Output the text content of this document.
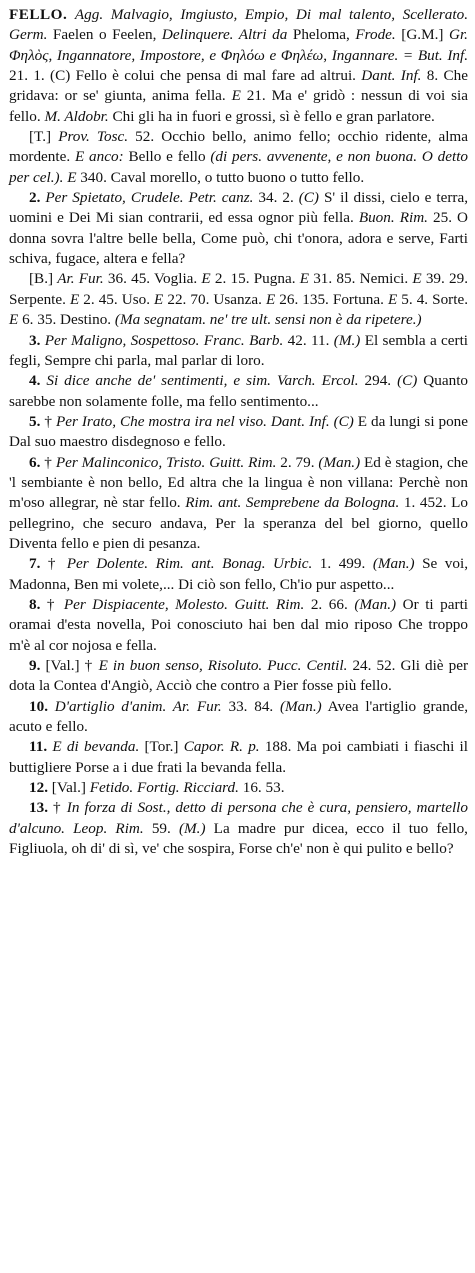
FELLO. Agg. Malvagio, Imgiusto, Empio, Di mal talento, Scellerato. Germ. Faelen o Feelen, Delinquere. Altri da Pheloma, Frode. [G.M.] Gr. Φηλὸς, Ingannatore, Impostore, e Φηλόω e Φηλέω, Ingannare. = But. Inf. 21. 1. (C) Fello è colui che pensa di mal fare ad altrui. Dant. Inf. 8. Che gridava: or se' giunta, anima fella. E 21. Ma e' gridò : nessun di voi sia fello. M. Aldobr. Chi gli ha in fuori e grossi, sì è fello e gran parlatore.

[T.] Prov. Tosc. 52. Occhio bello, animo fello; occhio ridente, alma mordente. E anco: Bello e fello (di pers. avvenente, e non buona. O detto per cel.). E 340. Caval morello, o tutto buono o tutto fello.

2. Per Spietato, Crudele. Petr. canz. 34. 2. (C) S' il dissi, cielo e terra, uomini e Dei Mi sian contrarii, ed essa ognor più fella. Buon. Rim. 25. O donna sovra l'altre belle bella, Come può, chi t'onora, adora e serve, Farti schiva, fugace, altera e fella?

[B.] Ar. Fur. 36. 45. Voglia. E 2. 15. Pugna. E 31. 85. Nemici. E 39. 29. Serpente. E 2. 45. Uso. E 22. 70. Usanza. E 26. 135. Fortuna. E 5. 4. Sorte. E 6. 35. Destino. (Ma segnatam. ne' tre ult. sensi non è da ripetere.)

3. Per Maligno, Sospettoso. Franc. Barb. 42. 11. (M.) El sembla a certi fegli, Sempre chi parla, mal parlar di loro.

4. Si dice anche de' sentimenti, e sim. Varch. Ercol. 294. (C) Quanto sarebbe non solamente folle, ma fello sentimento...

5. † Per Irato, Che mostra ira nel viso. Dant. Inf. (C) E da lungi si pone Dal suo maestro disdegnoso e fello.

6. † Per Malinconico, Tristo. Guitt. Rim. 2. 79. (Man.) Ed è stagion, che 'l sembiante è non bello, Ed altra che la lingua è non villana: Perchè non m'oso allegrar, nè star fello. Rim. ant. Semprebene da Bologna. 1. 452. Lo pellegrino, che securo andava, Per la speranza del bel giorno, quello Diventa fello e pien di pesanza.

7. † Per Dolente. Rim. ant. Bonag. Urbic. 1. 499. (Man.) Se voi, Madonna, Ben mi volete,... Di ciò son fello, Ch'io pur aspetto...

8. † Per Dispiacente, Molesto. Guitt. Rim. 2. 66. (Man.) Or ti parti oramai d'esta novella, Poi conosciuto hai ben dal mio riposo Che troppo m'è al cor nojosa e fella.

9. [Val.] † E in buon senso, Risoluto. Pucc. Centil. 24. 52. Gli diè per dota la Contea d'Angiò, Acciò che contro a Pier fosse più fello.

10. D'artiglio d'anim. Ar. Fur. 33. 84. (Man.) Avea l'artiglio grande, acuto e fello.

11. E di bevanda. [Tor.] Capor. R. p. 188. Ma poi cambiati i fiaschi il buttigliere Porse a i due frati la bevanda fella.

12. [Val.] Fetido. Fortig. Ricciard. 16. 53.

13. † In forza di Sost., detto di persona che è cura, pensiero, martello d'alcuno. Leop. Rim. 59. (M.) La madre pur dicea, ecco il tuo fello, Figliuola, oh di' di sì, ve' che sospira, Forse ch'e' non è qui pulito e bello?
